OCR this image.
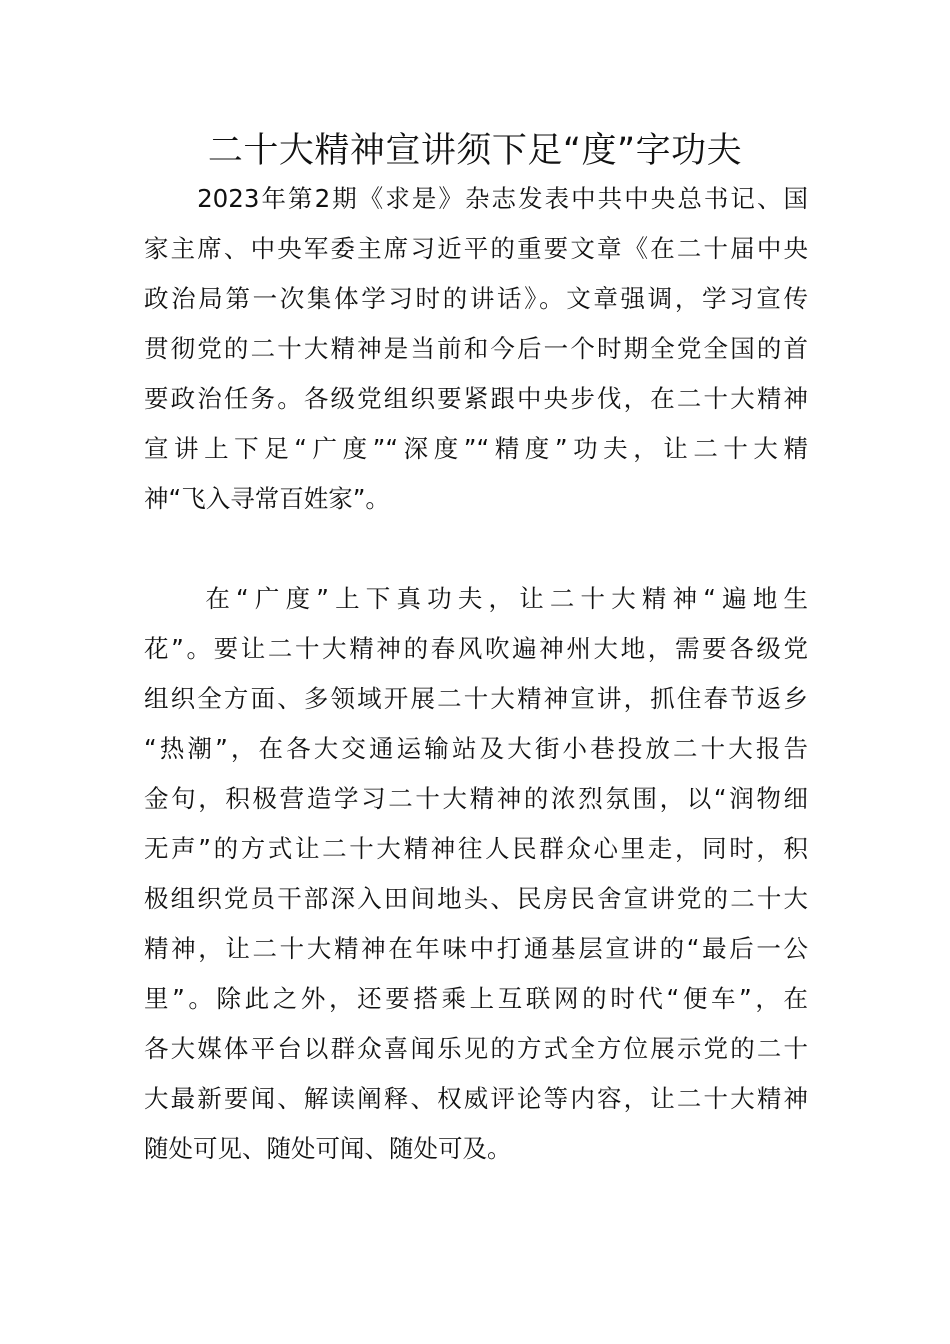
二十大精神宣讲须下足“度”字功夫
　　2023年第2期《求是》杂志发表中共中央总书记、国
家主席、中央军委主席习近平的重要文章《在二十届中央
政治局第一次集体学习时的讲话》。文章强调，学习宣传
贯彻党的二十大精神是当前和今后一个时期全党全国的首
要政治任务。各级党组织要紧跟中央步伐，在二十大精神
宣讲上下足“广度”“深度”“精度”功夫，让二十大精
神“飞入寻常百姓家”。
　　在“广度”上下真功夫，让二十大精神“遍地生
花”。要让二十大精神的春风吹遍神州大地，需要各级党
组织全方面、多领域开展二十大精神宣讲，抓住春节返乡
“热潮”，在各大交通运输站及大街小巷投放二十大报告
金句，积极营造学习二十大精神的浓烈氛围，以“润物细
无声”的方式让二十大精神往人民群众心里走，同时，积
极组织党员干部深入田间地头、民房民舍宣讲党的二十大
精神，让二十大精神在年味中打通基层宣讲的“最后一公
里”。除此之外，还要搭乘上互联网的时代“便车”，在
各大媒体平台以群众喜闻乐见的方式全方位展示党的二十
大最新要闻、解读阐释、权威评论等内容，让二十大精神
随处可见、随处可闻、随处可及。
